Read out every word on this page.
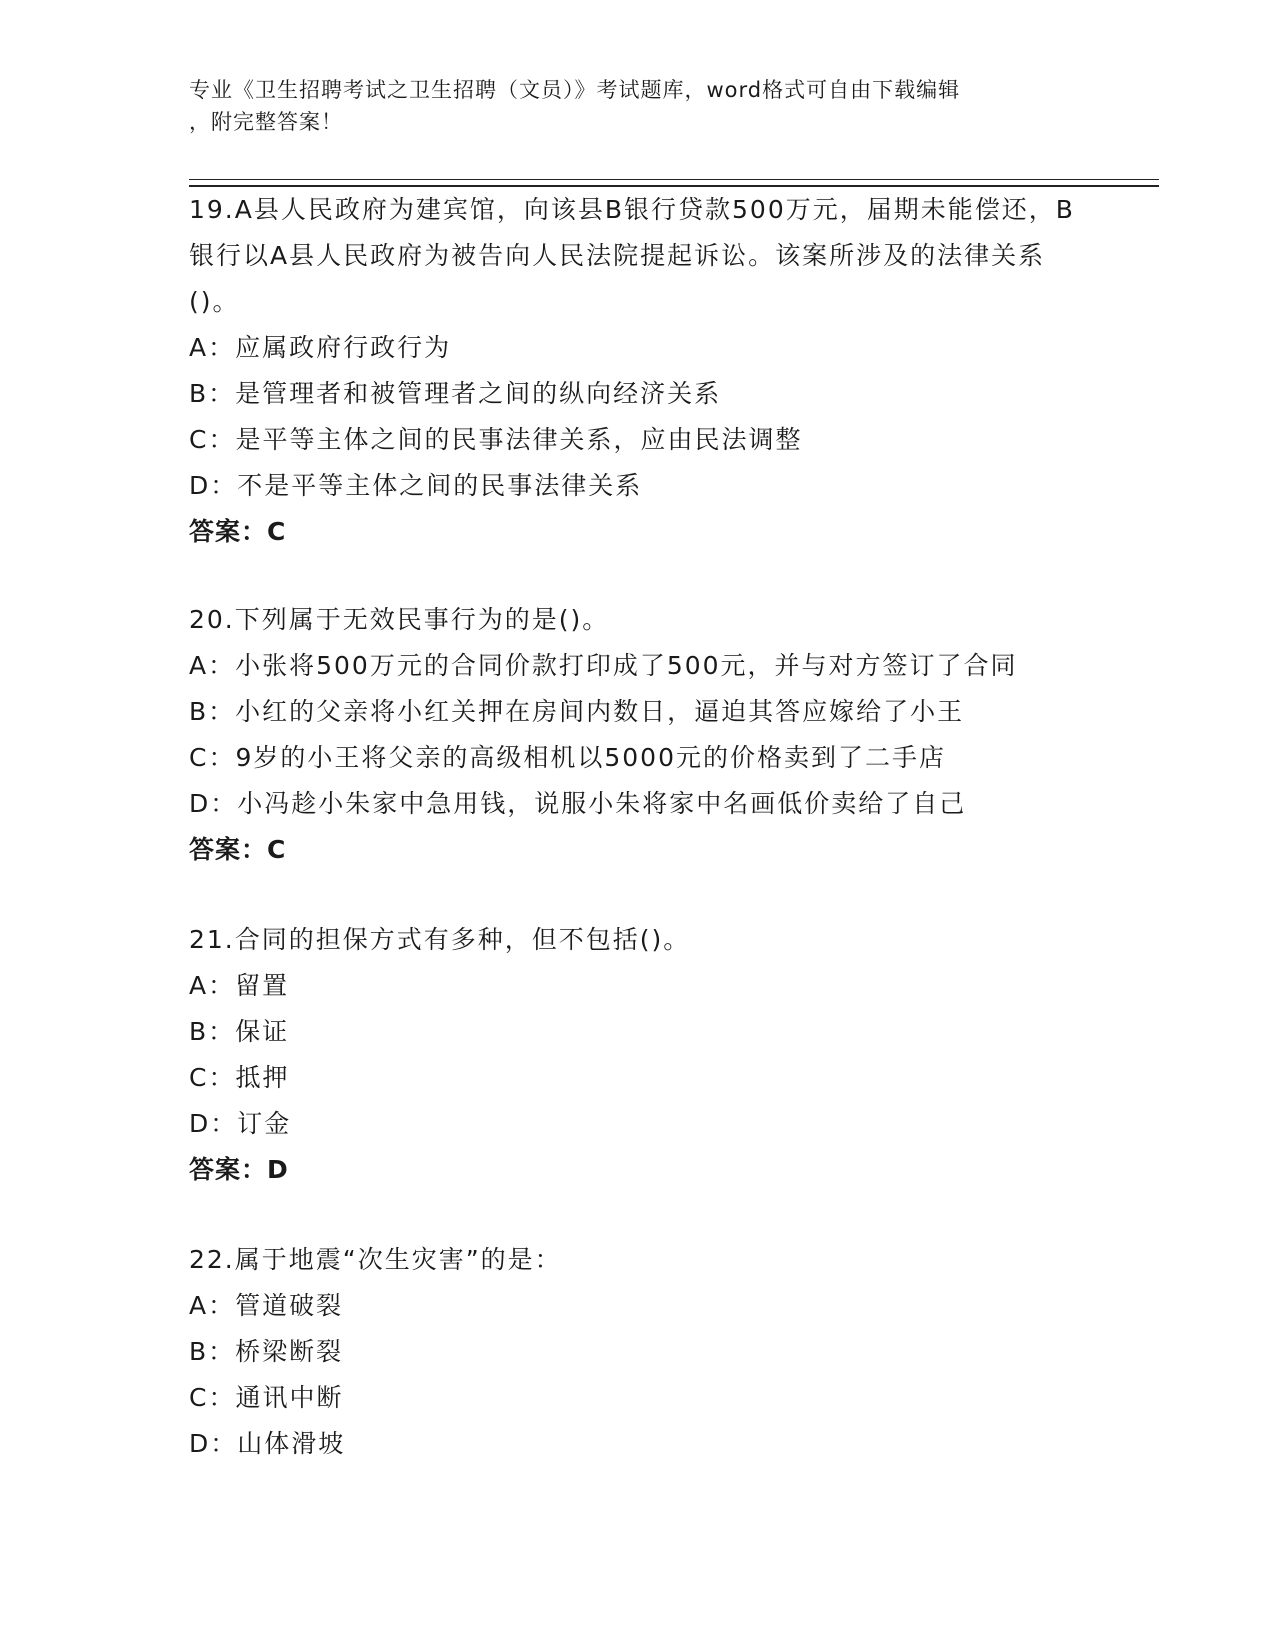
专业《卫生招聘考试之卫生招聘（文员）》考试题库，word格式可自由下载编辑
，附完整答案！

19.A县人民政府为建宾馆，向该县B银行贷款500万元，届期未能偿还，B银行以A县人民政府为被告向人民法院提起诉讼。该案所涉及的法律关系()。

A：应属政府行政行为

B：是管理者和被管理者之间的纵向经济关系

C：是平等主体之间的民事法律关系，应由民法调整

D：不是平等主体之间的民事法律关系

答案：C

20.下列属于无效民事行为的是()。

A：小张将500万元的合同价款打印成了500元，并与对方签订了合同

B：小红的父亲将小红关押在房间内数日，逼迫其答应嫁给了小王

C：9岁的小王将父亲的高级相机以5000元的价格卖到了二手店

D：小冯趁小朱家中急用钱，说服小朱将家中名画低价卖给了自己

答案：C

21.合同的担保方式有多种，但不包括()。

A：留置

B：保证

C：抵押

D：订金

答案：D

22.属于地震“次生灾害”的是：

A：管道破裂

B：桥梁断裂

C：通讯中断

D：山体滑坡
